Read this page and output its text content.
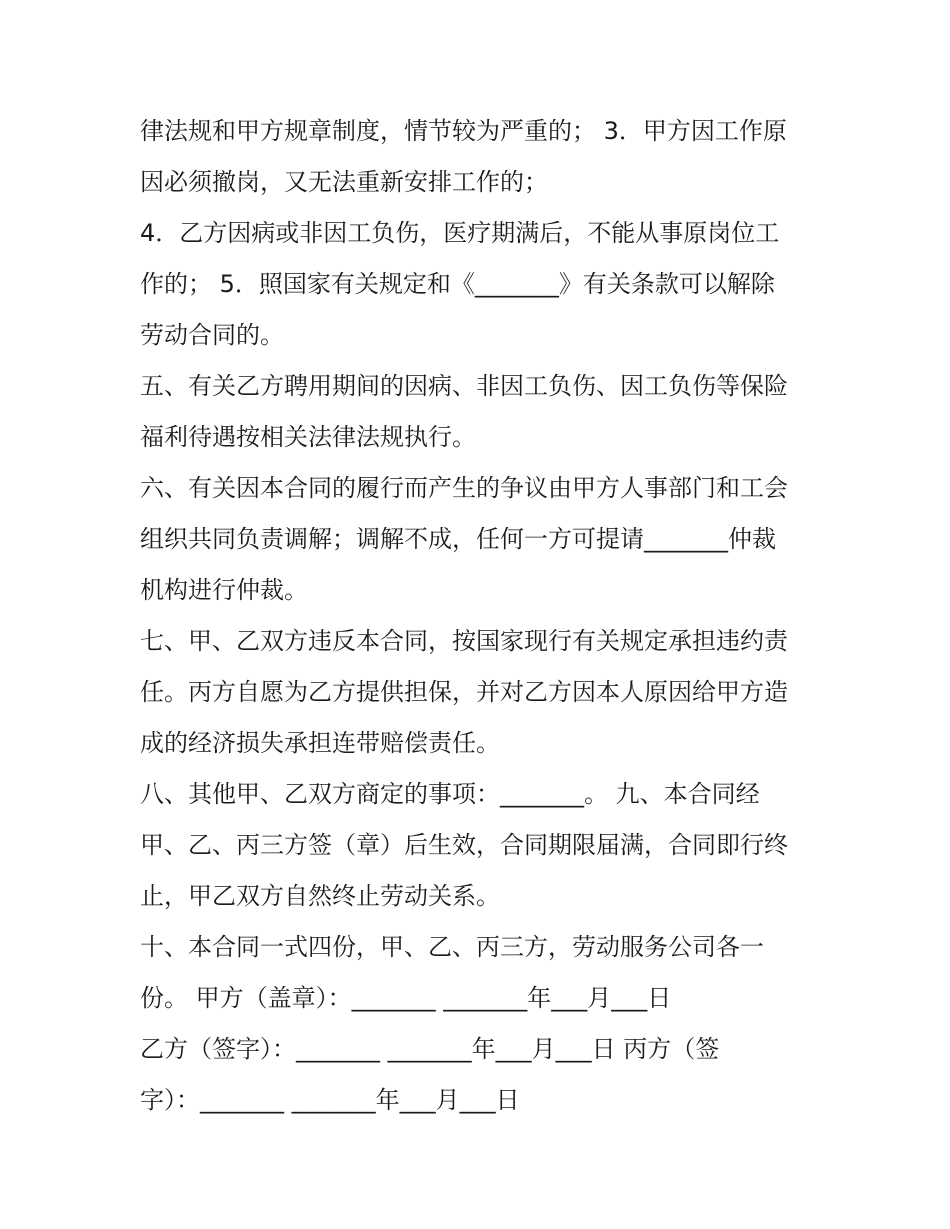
律法规和甲方规章制度，情节较为严重的； 3．甲方因工作原
因必须撤岗，又无法重新安排工作的；
4．乙方因病或非因工负伤，医疗期满后，不能从事原岗位工
作的； 5．照国家有关规定和《_______》有关条款可以解除
劳动合同的。
五、有关乙方聘用期间的因病、非因工负伤、因工负伤等保险
福利待遇按相关法律法规执行。
六、有关因本合同的履行而产生的争议由甲方人事部门和工会
组织共同负责调解；调解不成，任何一方可提请_______仲裁
机构进行仲裁。
七、甲、乙双方违反本合同，按国家现行有关规定承担违约责
任。丙方自愿为乙方提供担保，并对乙方因本人原因给甲方造
成的经济损失承担连带赔偿责任。
八、其他甲、乙双方商定的事项：_______。 九、本合同经
甲、乙、丙三方签（章）后生效，合同期限届满，合同即行终
止，甲乙双方自然终止劳动关系。
十、本合同一式四份，甲、乙、丙三方，劳动服务公司各一
份。 甲方（盖章）：_______ _______年___月___日
乙方（签字）：_______ _______年___月___日 丙方（签
字）：_______ _______年___月___日
